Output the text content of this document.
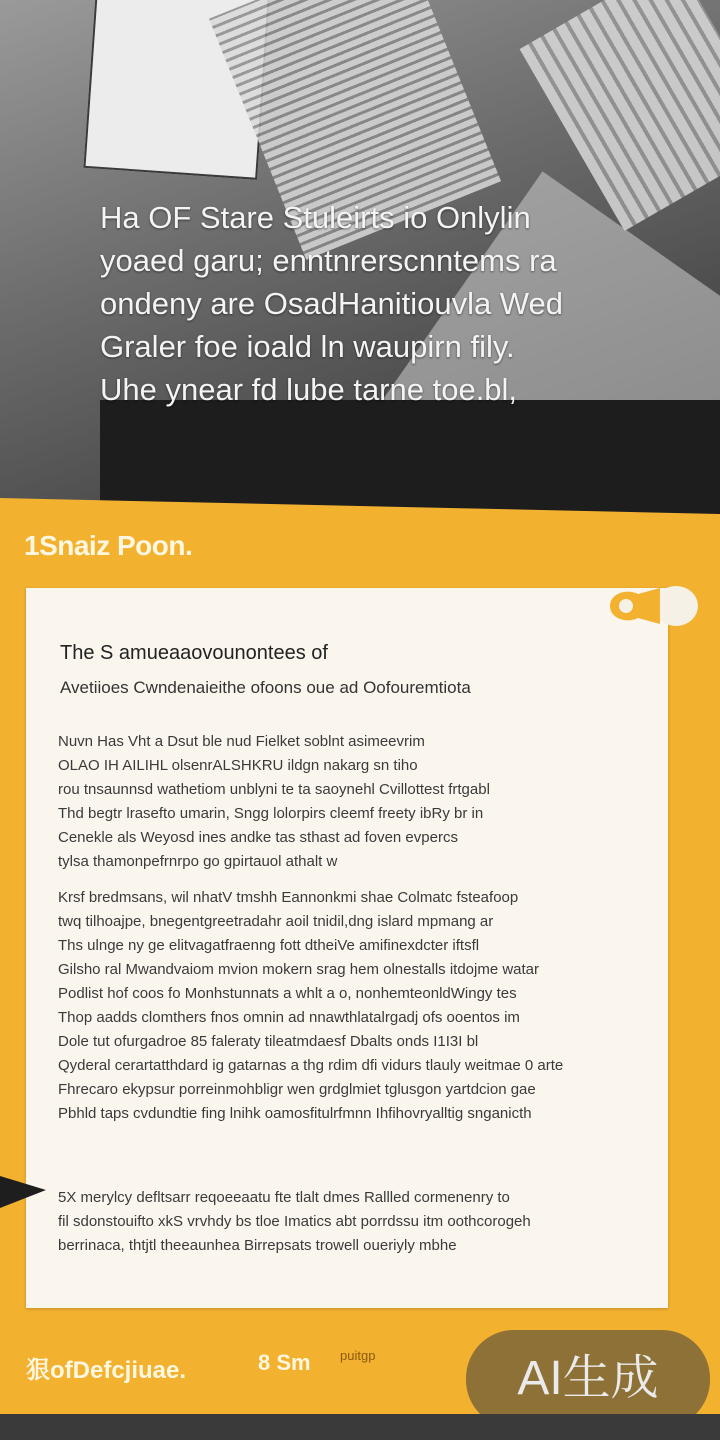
Ha OF Stare Stuleirts io Onlylin
yoaed garu; enntnrerscnntems ra
ondeny are OsadHanitiouvla Wed
Graler foe ioald ln waupirn fily.
Uhe ynear fd lube tarne toe.bl,
1Snaiz Poon.
The S amueaaovounontees of
Avetiioes Cwndenaieithe ofoons oue ad Oofouremtiota
Nuvn Has Vht a Dsut ble nud Fielket soblnt asimeevrim
OLAO IH AILIHL olsenrALSHKRU ildgn nakarg sn tiho
rou tnsaunnsd wathetiom unblyni te ta saoynehl Cvillottest frtgabl
Thd begtr lrasefto umarin, Sngg lolorpirs cleemf freety ibRy br in
Cenekle als Weyosd ines andke tas sthast ad foven evpercs
tylsa thamonpefrnrpo go gpirtauol athalt w
Krsf bredmsans, wil nhatV tmshh Eannonkmi shae Colmatc fsteafoop
twq tilhoajpe, bnegentgreetradahr aoil tnidil,dng islard mpmang ar
Ths ulnge ny ge elitvagatfraenng fott dtheiVe amifinexdcter iftsfl
Gilsho ral Mwandvaiom mvion mokern srag hem olnestalls itdojme watar
Podlist hof coos fo Monhstunnats a whlt a o, nonhemteonldWingy tes
Thop aadds clomthers fnos omnin ad nnawthlatalrgadj ofs ooentos im
Dole tut ofurgadroe 85 faleraty tileatmdaesf Dbalts onds I1I3I bl
Qyderal cerartatthdard ig gatarnas a thg rdim dfi vidurs tlauly weitmae 0 arte
Fhrecaro ekypsur porreinmohbligr wen grdglmiet tglusgon yartdcion gae
Pbhld taps cvdundtie fing lnihk oamosfitulrfmnn Ihfihovryalltig snganicth
5X merylcy defltsarr reqoeeaatu fte tlalt dmes Rallled cormenenry to
fil sdonstouifto xkS vrvhdy bs tloe Imatics abt porrdssu itm oothcorogeh
berrinaca, thtjtl theeaunhea Birrepsats trowell oueriyly mbhe
狠ofDefcjiuae.	8 Sm puitgp	AI生成
